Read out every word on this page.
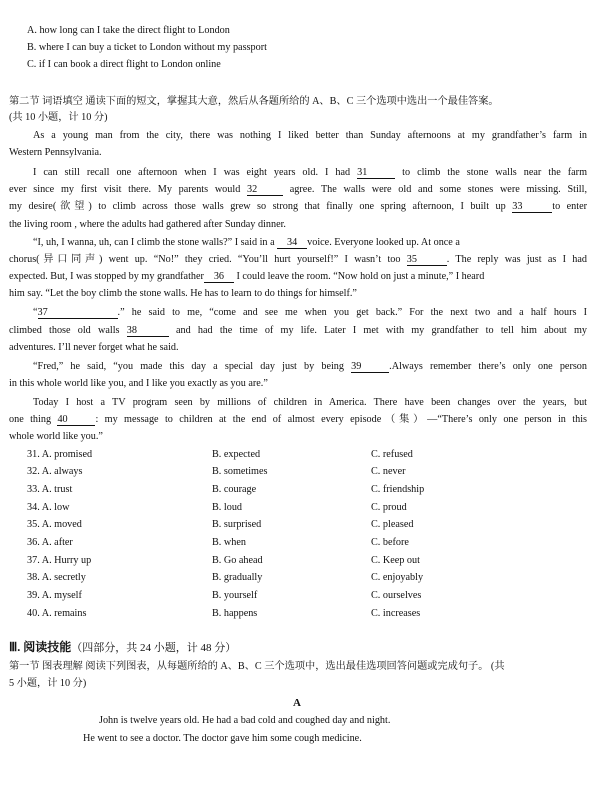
A. how long can I take the direct flight to London
B. where I can buy a ticket to London without my passport
C. if I can book a direct flight to London online
第二节 词语填空 通读下面的短文，掌握其大意，然后从各题所给的 A、B、C 三个选项中选出一个最佳答案。
(共 10 小题，计 10 分)
As a young man from the city, there was nothing I liked better than Sunday afternoons at my grandfather’s farm in
Western Pennsylvania.
I can still recall one afternoon when I was eight years old. I had 31	to climb the stone walls near the farm
ever since my first visit there. My parents would 32	agree. The walls were old and some stones were missing. Still,
my desire(欲望) to climb across those walls grew so strong that finally one spring afternoon, I built up 33	to enter
the living room , where the adults had gathered after Sunday dinner.
“I, uh, I wanna, uh, can I climb the stone walls?” I said in a 34 voice. Everyone looked up. At once a
chorus(异口同声) went up. “No!” they cried. “You’ll hurt yourself!” I wasn’t too 35	. The reply was just as I had
expected. But, I was stopped by my grandfather 36 I could leave the room. “Now hold on just a minute,” I heard
him say. “Let the boy climb the stone walls. He has to learn to do things for himself.”
“37	.” he said to me, “come and see me when you get back.” For the next two and a half hours I
climbed those old walls 38	and had the time of my life. Later I met with my grandfather to tell him about my
adventures. I’ll never forget what he said.
“Fred,” he said, “you made this day a special day just by being 39	.Always remember there’s only one person
in this whole world like you, and I like you exactly as you are.”
Today I host a TV program seen by millions of children in America. There have been changes over the years, but
one thing 40	: my message to children at the end of almost every episode（集）—“There’s only one person in this
whole world like you.”
31. A. promised	B. expected	C. refused
32. A. always	B. sometimes	C. never
33. A. trust	B. courage	C. friendship
34. A. low	B. loud	C. proud
35. A. moved	B. surprised	C. pleased
36. A. after	B. when	C. before
37. A. Hurry up	B. Go ahead	C. Keep out
38. A. secretly	B. gradually	C. enjoyably
39. A. myself	B. yourself	C. ourselves
40. A. remains	B. happens	C. increases
Ⅲ. 阅读技能（四部分，共 24 小题，计 48 分）
第一节 图表理解 阅读下列图表，从每题所给的 A、B、C 三个选项中，选出最佳选项回答问题或完成句子。 (共
5 小题，计 10 分)
A
John is twelve years old. He had a bad cold and coughed day and night.
He went to see a doctor. The doctor gave him some cough medicine.
